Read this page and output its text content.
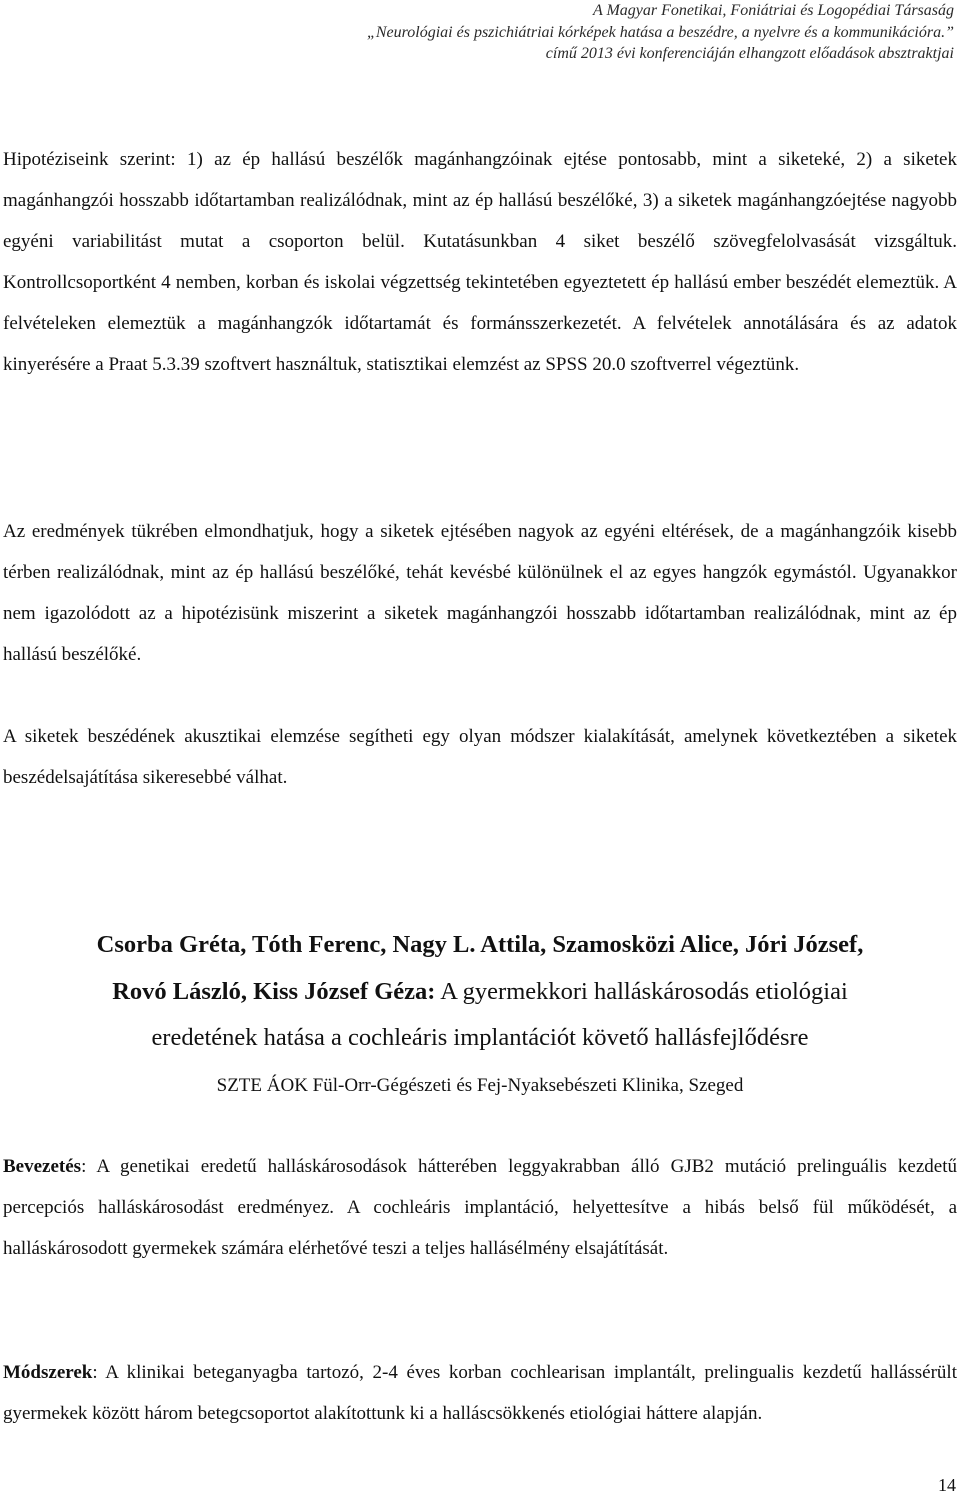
A Magyar Fonetikai, Foniátriai és Logopédiai Társaság
„Neurológiai és pszichiátriai kórképek hatása a beszédre, a nyelvre és a kommunikációra.”
című 2013 évi konferenciáján elhangzott előadások absztraktjai
Hipotéziseink szerint: 1) az ép hallású beszélők magánhangzóinak ejtése pontosabb, mint a siketeké, 2) a siketek magánhangzói hosszabb időtartamban realizálódnak, mint az ép hallású beszélőké, 3) a siketek magánhangzóejtése nagyobb egyéni variabilitást mutat a csoporton belül. Kutatásunkban 4 siket beszélő szövegfelolvasását vizsgáltuk. Kontrollcsoportként 4 nemben, korban és iskolai végzettség tekintetében egyeztetett ép hallású ember beszédét elemeztük. A felvételeken elemeztük a magánhangzók időtartamát és formánsszerkezetét. A felvételek annotálására és az adatok kinyerésére a Praat 5.3.39 szoftvert használtuk, statisztikai elemzést az SPSS 20.0 szoftverrel végeztünk.
Az eredmények tükrében elmondhatjuk, hogy a siketek ejtésében nagyok az egyéni eltérések, de a magánhangzóik kisebb térben realizálódnak, mint az ép hallású beszélőké, tehát kevésbé különülnek el az egyes hangzók egymástól. Ugyanakkor nem igazolódott az a hipotézisünk miszerint a siketek magánhangzói hosszabb időtartamban realizálódnak, mint az ép hallású beszélőké.
A siketek beszédének akusztikai elemzése segítheti egy olyan módszer kialakítását, amelynek következtében a siketek beszédelsajátítása sikeresebbé válhat.
Csorba Gréta, Tóth Ferenc, Nagy L. Attila, Szamosközi Alice, Jóri József,
Rovó László, Kiss József Géza: A gyermekkori halláskárosodás etiológiai
eredetének hatása a cochleáris implantációt követő hallásfejlődésre
SZTE ÁOK Fül-Orr-Gégészeti és Fej-Nyaksebészeti Klinika, Szeged
Bevezetés: A genetikai eredetű halláskárosodások hátterében leggyakrabban álló GJB2 mutáció prelinguális kezdetű percepciós halláskárosodást eredményez. A cochleáris implantáció, helyettesítve a hibás belső fül működését, a halláskárosodott gyermekek számára elérhetővé teszi a teljes hallásélmény elsajátítását.
Módszerek: A klinikai beteganyagba tartozó, 2-4 éves korban cochlearisan implantált, prelingualis kezdetű hallássérült gyermekek között három betegcsoportot alakítottunk ki a halláscsökkenés etiológiai háttere alapján.
14
